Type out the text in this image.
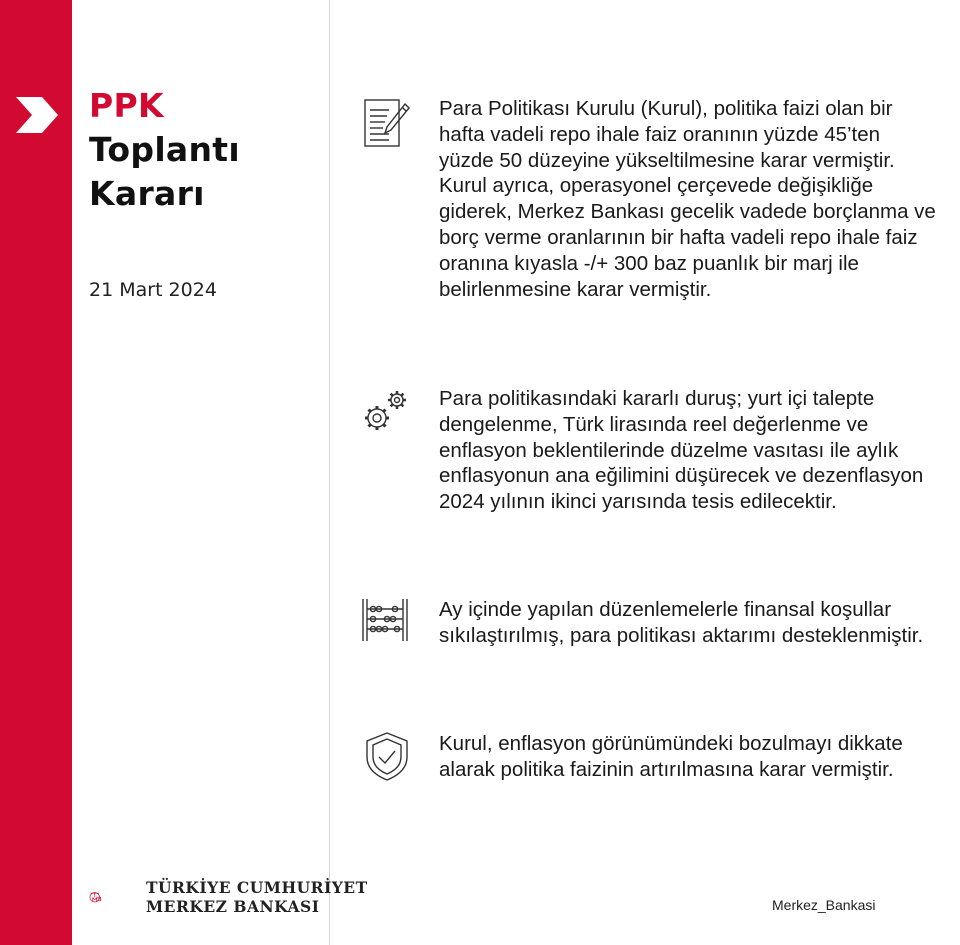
PPK
Toplantı
Kararı
21 Mart 2024
Para Politikası Kurulu (Kurul), politika faizi olan bir hafta vadeli repo ihale faiz oranının yüzde 45’ten yüzde 50 düzeyine yükseltilmesine karar vermiştir. Kurul ayrıca, operasyonel çerçevede değişikliğe giderek, Merkez Bankası gecelik vadede borçlanma ve borç verme oranlarının bir hafta vadeli repo ihale faiz oranına kıyasla -/+ 300 baz puanlık bir marj ile belirlenmesine karar vermiştir.
Para politikasındaki kararlı duruş; yurt içi talepte dengelenme, Türk lirasında reel değerlenme ve enflasyon beklentilerinde düzelme vasıtası ile aylık enflasyonun ana eğilimini düşürecek ve dezenflasyon 2024 yılının ikinci yarısında tesis edilecektir.
Ay içinde yapılan düzenlemelerle finansal koşullar sıkılaştırılmış, para politikası aktarımı desteklenmiştir.
Kurul, enflasyon görünümündeki bozulmayı dikkate alarak politika faizinin artırılmasına karar vermiştir.
TÜRKİYE CUMHURİYET
MERKEZ BANKASI	Merkez_Bankasi
